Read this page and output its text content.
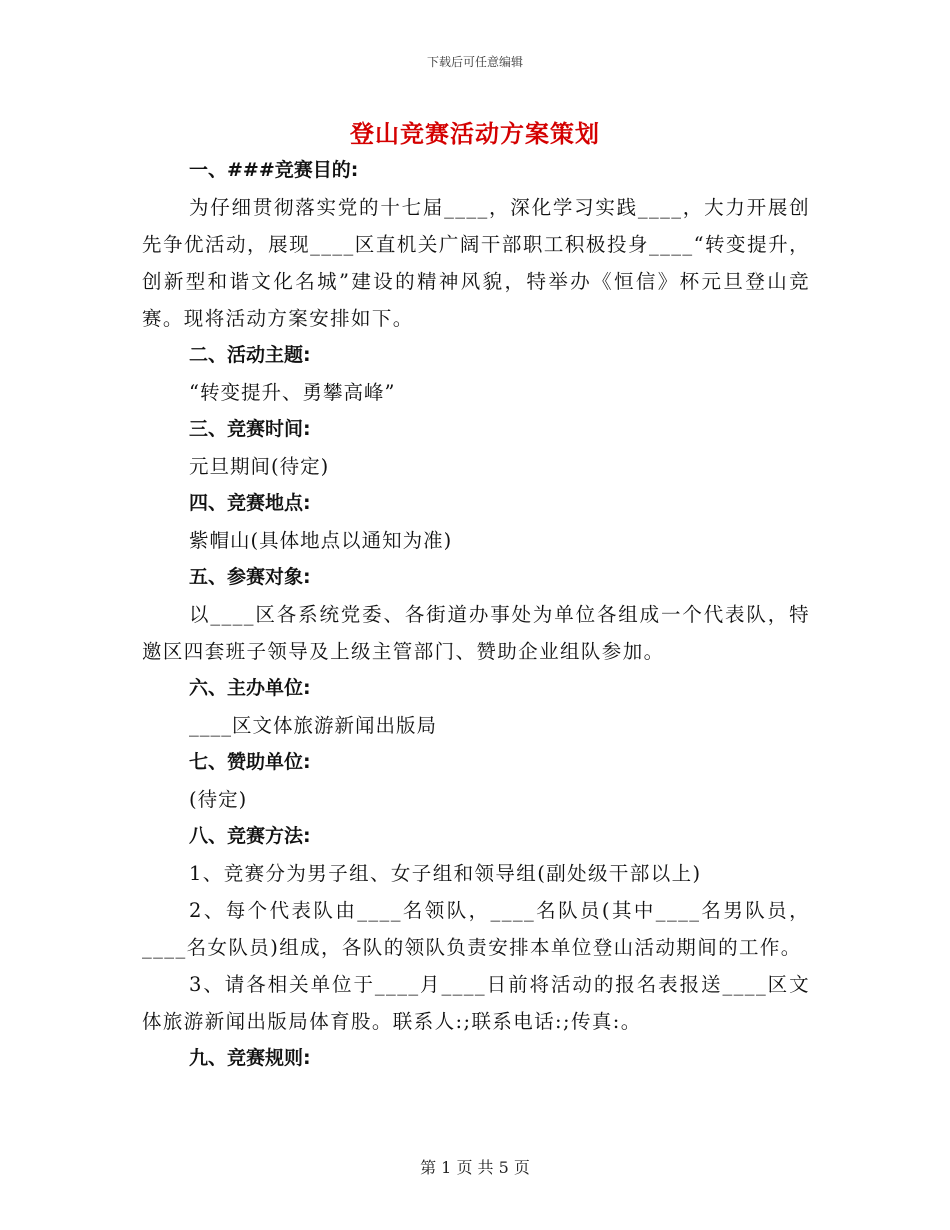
下载后可任意编辑
登山竞赛活动方案策划
一、###竞赛目的:

为仔细贯彻落实党的十七届____，深化学习实践____，大力开展创先争优活动，展现____区直机关广阔干部职工积极投身____“转变提升，创新型和谐文化名城”建设的精神风貌，特举办《恒信》杯元旦登山竞赛。现将活动方案安排如下。

二、活动主题:
“转变提升、勇攀高峰”
三、竞赛时间:
元旦期间(待定)
四、竞赛地点:
紫帽山(具体地点以通知为准)
五、参赛对象:

以____区各系统党委、各街道办事处为单位各组成一个代表队，特邀区四套班子领导及上级主管部门、赞助企业组队参加。

六、主办单位:
____区文体旅游新闻出版局
七、赞助单位:
(待定)
八、竞赛方法:

1、竞赛分为男子组、女子组和领导组(副处级干部以上)

2、每个代表队由____名领队，____名队员(其中____名男队员，____名女队员)组成，各队的领队负责安排本单位登山活动期间的工作。

3、请各相关单位于____月____日前将活动的报名表报送____区文体旅游新闻出版局体育股。联系人:;联系电话:;传真:。

九、竞赛规则:
第 1 页 共 5 页
